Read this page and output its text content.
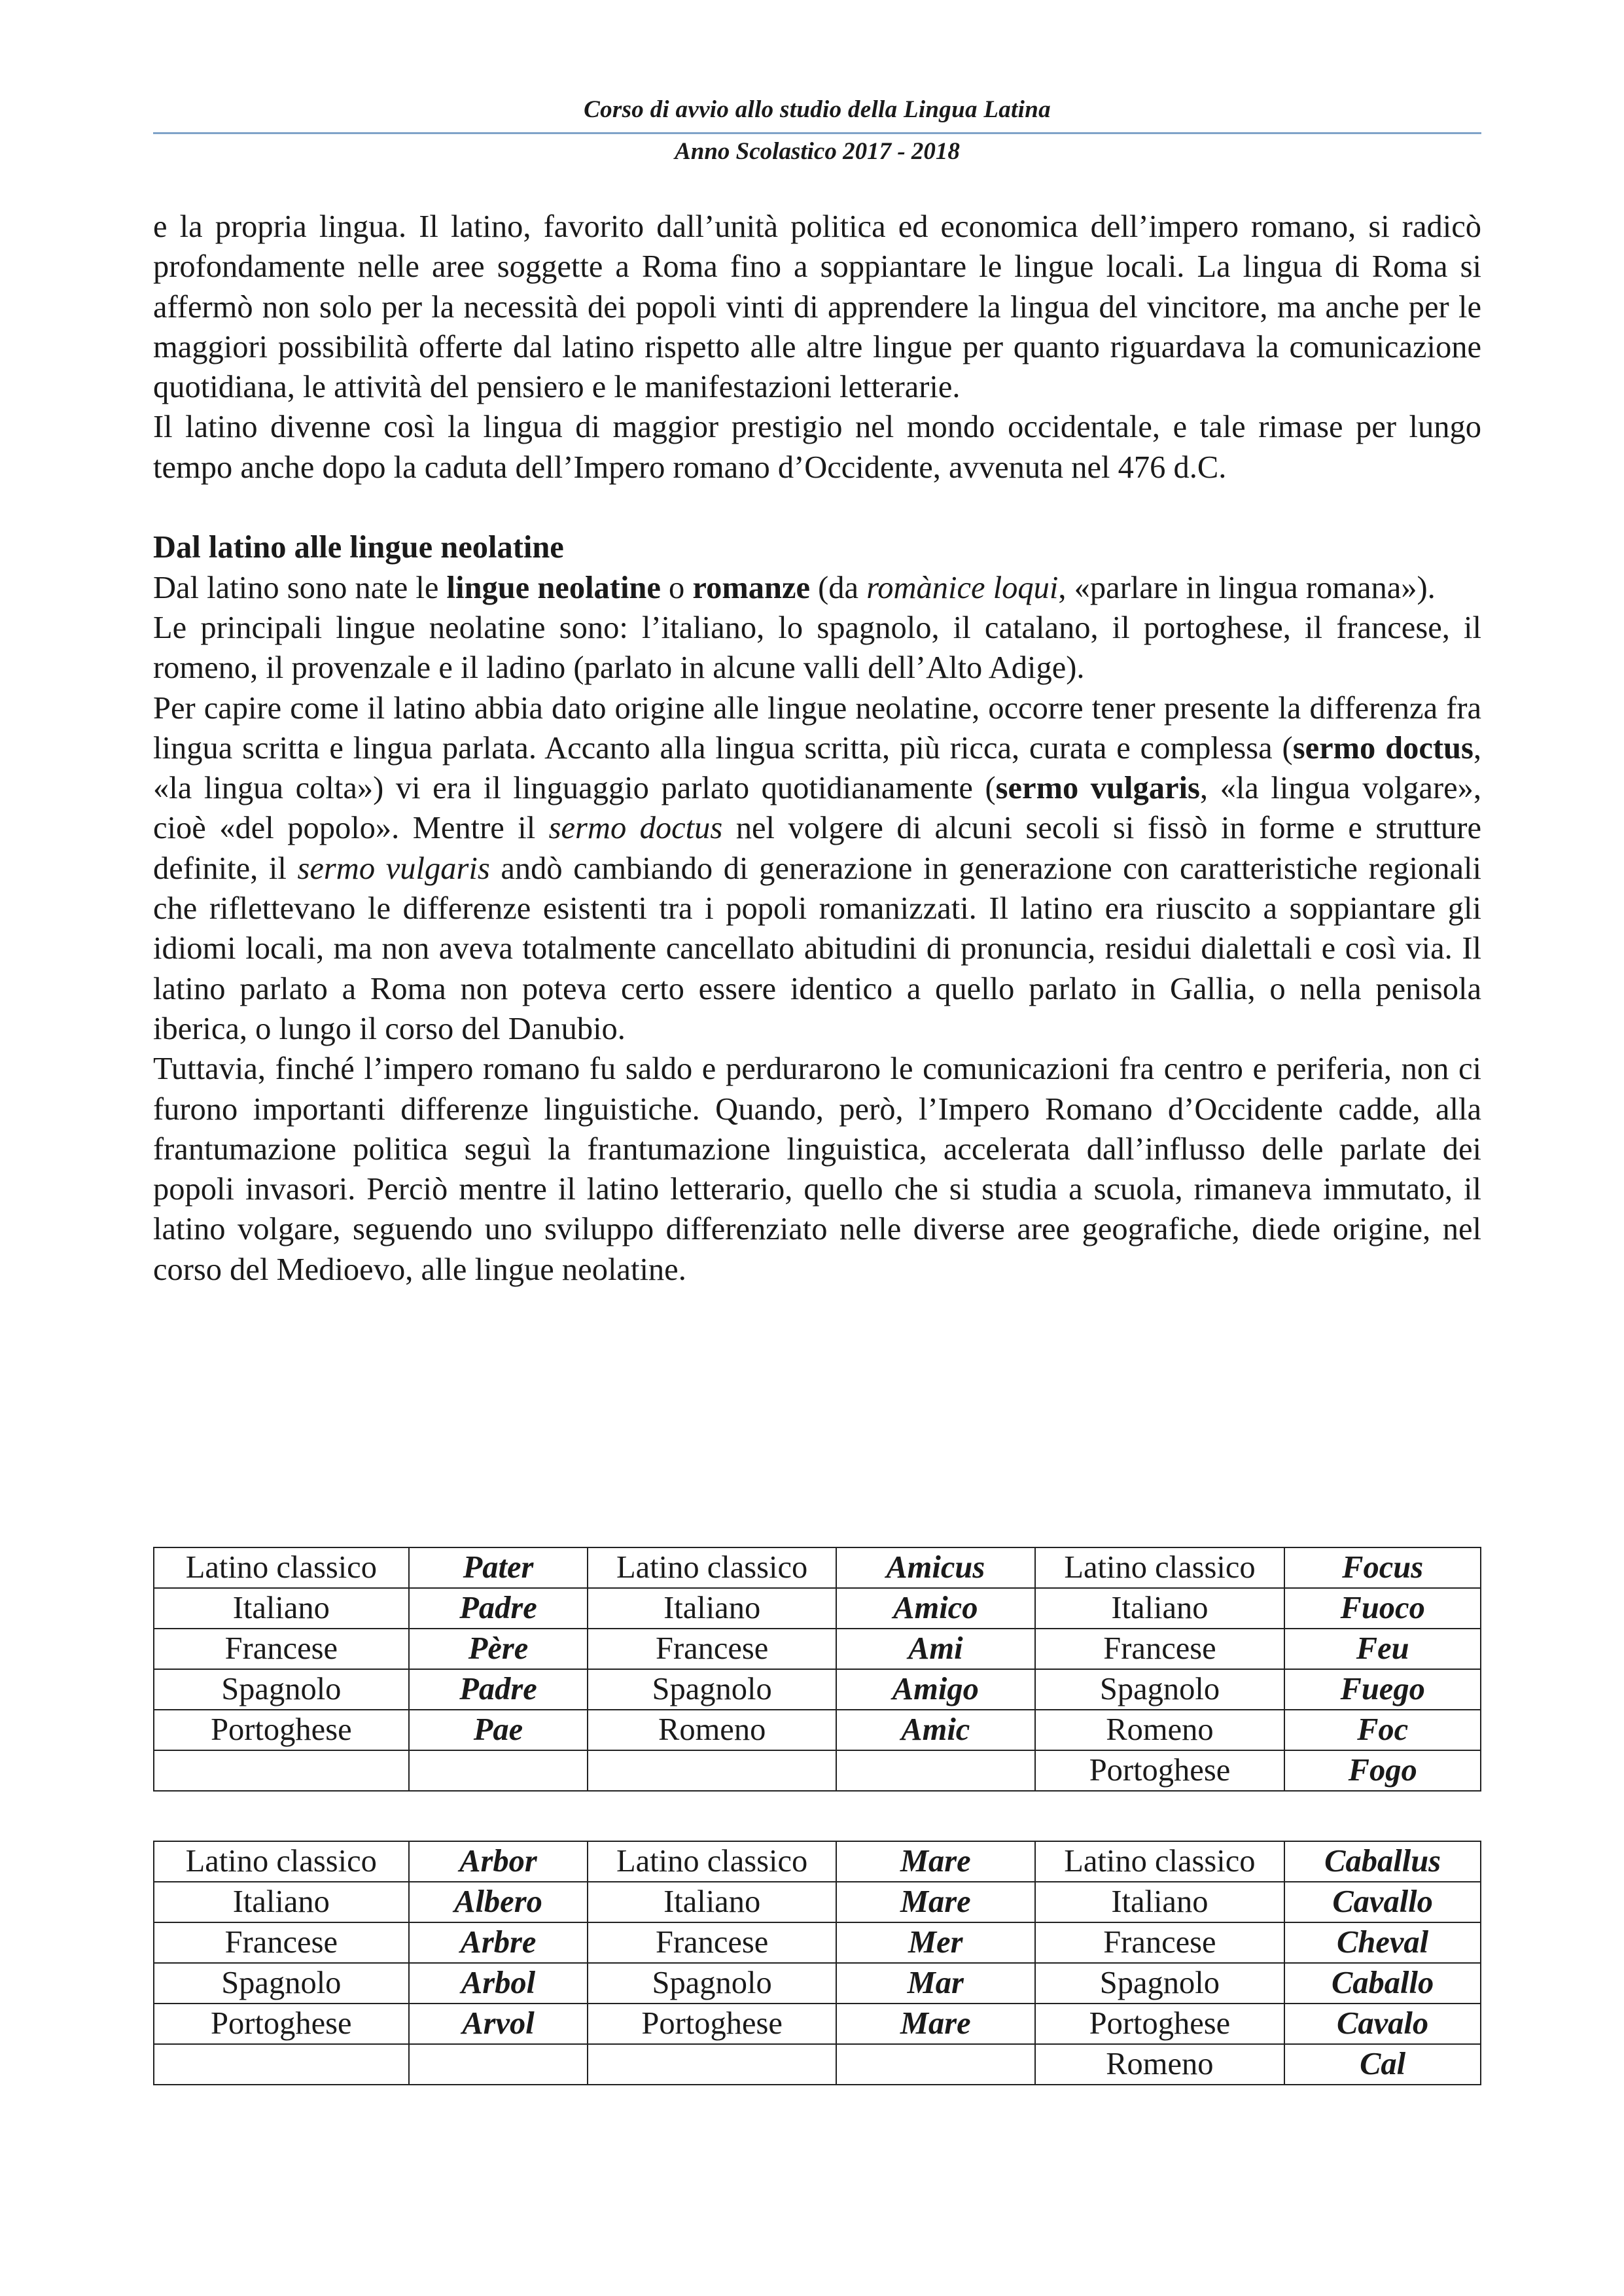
Corso di avvio allo studio della Lingua Latina
Anno Scolastico 2017 - 2018

e la propria lingua. Il latino, favorito dall’unità politica ed economica dell’impero romano, si radicò profondamente nelle aree soggette a Roma fino a soppiantare le lingue locali. La lingua di Roma si affermò non solo per la necessità dei popoli vinti di apprendere la lingua del vincitore, ma anche per le maggiori possibilità offerte dal latino rispetto alle altre lingue per quanto riguardava la comunicazione quotidiana, le attività del pensiero e le manifestazioni letterarie.

Il latino divenne così la lingua di maggior prestigio nel mondo occidentale, e tale rimase per lungo tempo anche dopo la caduta dell’Impero romano d’Occidente, avvenuta nel 476 d.C.

Dal latino alle lingue neolatine

Dal latino sono nate le lingue neolatine o romanze (da romànice loqui, «parlare in lingua romana»).

Le principali lingue neolatine sono: l’italiano, lo spagnolo, il catalano, il portoghese, il francese, il romeno, il provenzale e il ladino (parlato in alcune valli dell’Alto Adige).

Per capire come il latino abbia dato origine alle lingue neolatine, occorre tener presente la differenza fra lingua scritta e lingua parlata. Accanto alla lingua scritta, più ricca, curata e complessa (sermo doctus, «la lingua colta») vi era il linguaggio parlato quotidianamente (sermo vulgaris, «la lingua volgare», cioè «del popolo». Mentre il sermo doctus nel volgere di alcuni secoli si fissò in forme e strutture definite, il sermo vulgaris andò cambiando di generazione in generazione con caratteristiche regionali che riflettevano le differenze esistenti tra i popoli romanizzati. Il latino era riuscito a soppiantare gli idiomi locali, ma non aveva totalmente cancellato abitudini di pronuncia, residui dialettali e così via. Il latino parlato a Roma non poteva certo essere identico a quello parlato in Gallia, o nella penisola iberica, o lungo il corso del Danubio.

Tuttavia, finché l’impero romano fu saldo e perdurarono le comunicazioni fra centro e periferia, non ci furono importanti differenze linguistiche. Quando, però, l’Impero Romano d’Occidente cadde, alla frantumazione politica seguì la frantumazione linguistica, accelerata dall’influsso delle parlate dei popoli invasori. Perciò mentre il latino letterario, quello che si studia a scuola, rimaneva immutato, il latino volgare, seguendo uno sviluppo differenziato nelle diverse aree geografiche, diede origine, nel corso del Medioevo, alle lingue neolatine.

Latino classico	Pater	Latino classico	Amicus	Latino classico	Focus
Italiano	Padre	Italiano	Amico	Italiano	Fuoco
Francese	Père	Francese	Ami	Francese	Feu
Spagnolo	Padre	Spagnolo	Amigo	Spagnolo	Fuego
Portoghese	Pae	Romeno	Amic	Romeno	Foc
				Portoghese	Fogo
Latino classico	Arbor	Latino classico	Mare	Latino classico	Caballus
Italiano	Albero	Italiano	Mare	Italiano	Cavallo
Francese	Arbre	Francese	Mer	Francese	Cheval
Spagnolo	Arbol	Spagnolo	Mar	Spagnolo	Caballo
Portoghese	Arvol	Portoghese	Mare	Portoghese	Cavalo
				Romeno	Cal
